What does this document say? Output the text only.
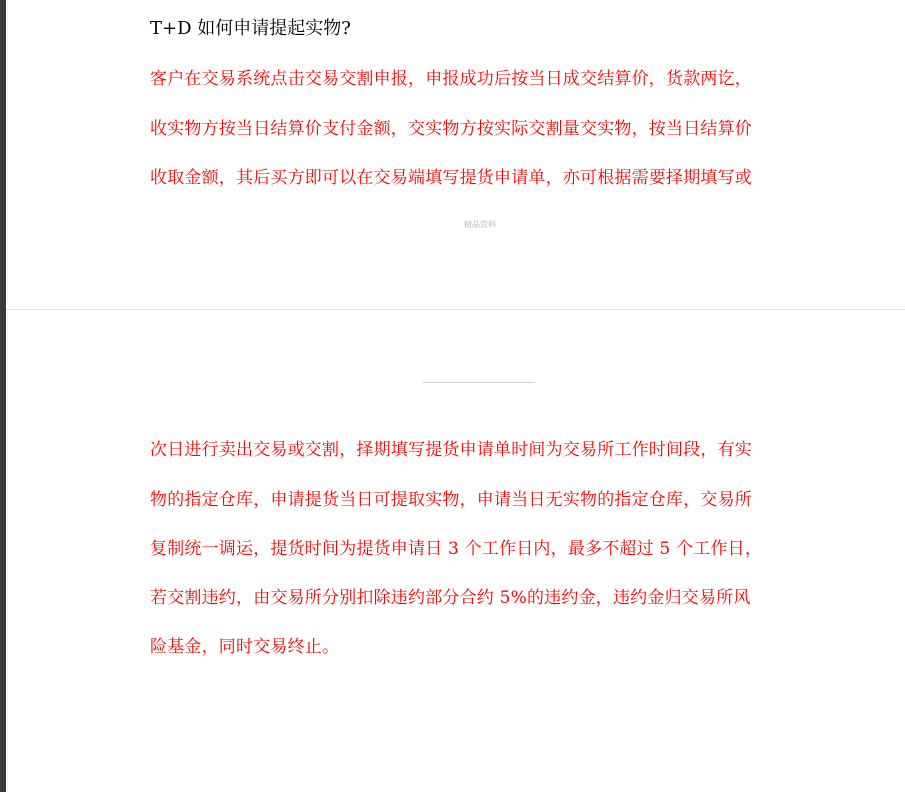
T+D 如何申请提起实物?
客户在交易系统点击交易交割申报，申报成功后按当日成交结算价，货款两讫，
收实物方按当日结算价支付金额，交实物方按实际交割量交实物，按当日结算价
收取金额，其后买方即可以在交易端填写提货申请单，亦可根据需要择期填写或
精品资料
次日进行卖出交易或交割，择期填写提货申请单时间为交易所工作时间段，有实
物的指定仓库，申请提货当日可提取实物，申请当日无实物的指定仓库，交易所
复制统一调运，提货时间为提货申请日 3 个工作日内，最多不超过 5 个工作日，
若交割违约，由交易所分别扣除违约部分合约 5%的违约金，违约金归交易所风
险基金，同时交易终止。
